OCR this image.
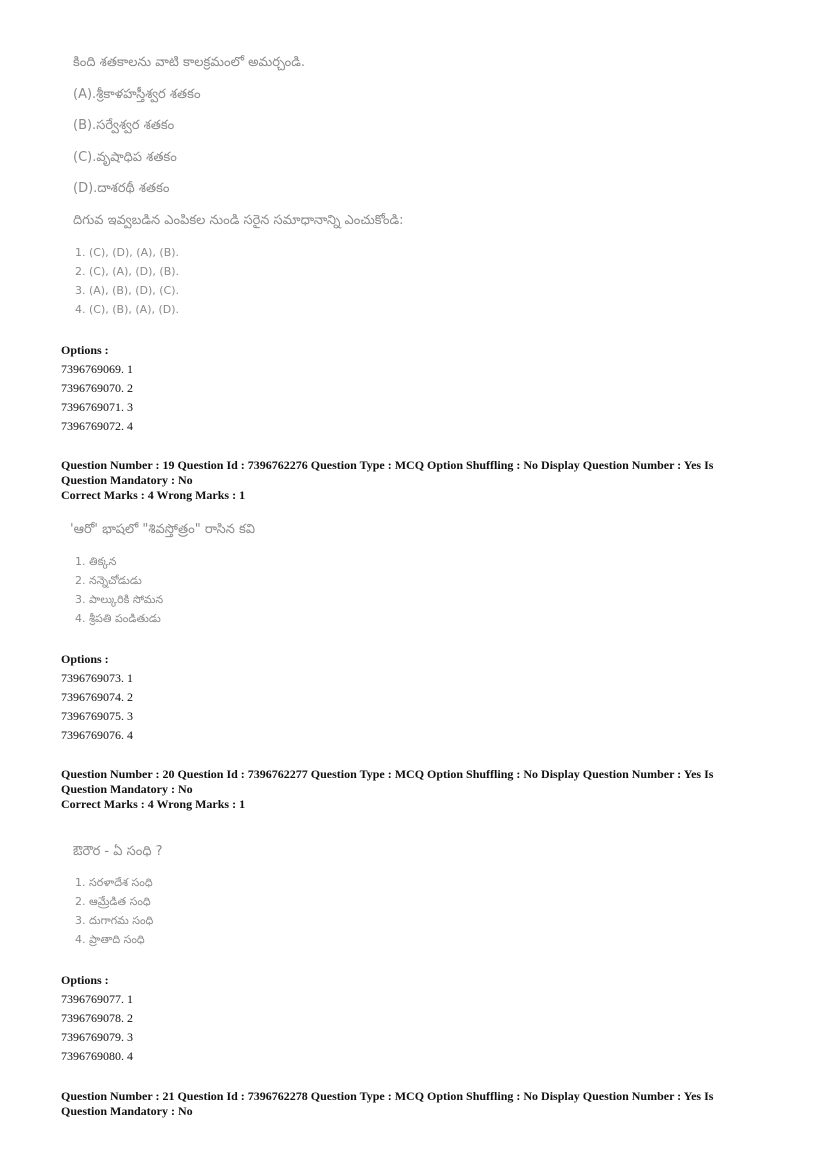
కింది శతకాలను వాటి కాలక్రమంలో అమర్చండి.
(A).శ్రీకాళహస్తీశ్వర శతకం
(B).సర్వేశ్వర శతకం
(C).వృషాధిప శతకం
(D).దాశరథీ శతకం
దిగువ ఇవ్వబడిన ఎంపికల నుండి సరైన సమాధానాన్ని ఎంచుకోండి:
1. (C), (D), (A), (B).
2. (C), (A), (D), (B).
3. (A), (B), (D), (C).
4. (C), (B), (A), (D).
Options :
7396769069. 1
7396769070. 2
7396769071. 3
7396769072. 4
Question Number : 19 Question Id : 7396762276 Question Type : MCQ Option Shuffling : No Display Question Number : Yes Is
Question Mandatory : No
Correct Marks : 4 Wrong Marks : 1
'ఆరో' భాషలో "శివస్తోత్రం" రాసిన కవి
1. తిక్కన
2. నన్నెచోడుడు
3. పాల్కురికి సోమన
4. శ్రీపతి పండితుడు
Options :
7396769073. 1
7396769074. 2
7396769075. 3
7396769076. 4
Question Number : 20 Question Id : 7396762277 Question Type : MCQ Option Shuffling : No Display Question Number : Yes Is
Question Mandatory : No
Correct Marks : 4 Wrong Marks : 1
ఔరౌర - ఏ సంధి ?
1. సరళాదేశ సంధి
2. ఆమ్రేడిత సంధి
3. దుగాగమ సంధి
4. ప్రాతాది సంధి
Options :
7396769077. 1
7396769078. 2
7396769079. 3
7396769080. 4
Question Number : 21 Question Id : 7396762278 Question Type : MCQ Option Shuffling : No Display Question Number : Yes Is
Question Mandatory : No
